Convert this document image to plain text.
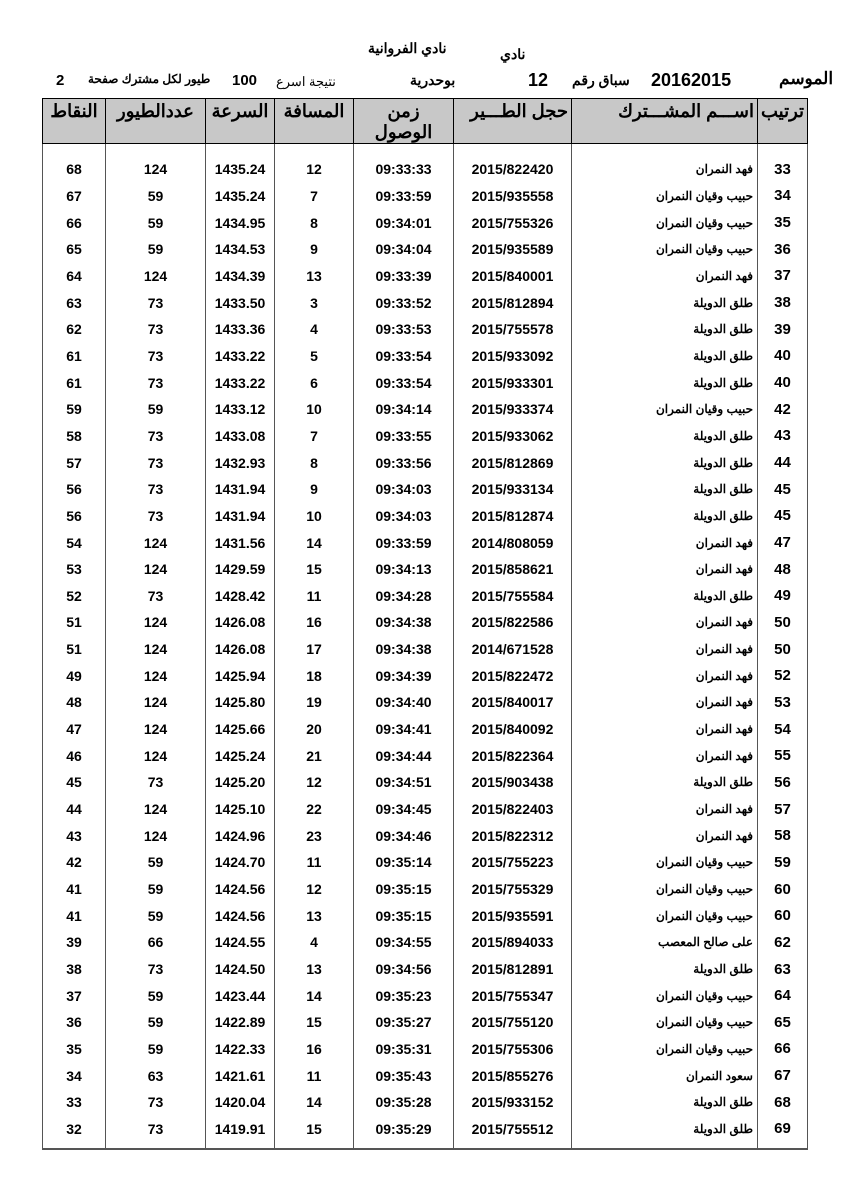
نادي
نادي الفروانية
الموسم
20162015
سباق رقم
12
بوحدرية
نتيجة اسرع
100
طيور لكل مشترك صفحة
2
النقاط	عددالطيور	السرعة	المسافة	زمن الوصول	حجل الطـــير	اســـم المشـــترك	ترتيب
68	124	1435.24	12	09:33:33	2015/822420	فهد النمران	33
67	59	1435.24	7	09:33:59	2015/935558	حبيب وقيان النمران	34
66	59	1434.95	8	09:34:01	2015/755326	حبيب وقيان النمران	35
65	59	1434.53	9	09:34:04	2015/935589	حبيب وقيان النمران	36
64	124	1434.39	13	09:33:39	2015/840001	فهد النمران	37
63	73	1433.50	3	09:33:52	2015/812894	طلق الدويلة	38
62	73	1433.36	4	09:33:53	2015/755578	طلق الدويلة	39
61	73	1433.22	5	09:33:54	2015/933092	طلق الدويلة	40
61	73	1433.22	6	09:33:54	2015/933301	طلق الدويلة	40
59	59	1433.12	10	09:34:14	2015/933374	حبيب وقيان النمران	42
58	73	1433.08	7	09:33:55	2015/933062	طلق الدويلة	43
57	73	1432.93	8	09:33:56	2015/812869	طلق الدويلة	44
56	73	1431.94	9	09:34:03	2015/933134	طلق الدويلة	45
56	73	1431.94	10	09:34:03	2015/812874	طلق الدويلة	45
54	124	1431.56	14	09:33:59	2014/808059	فهد النمران	47
53	124	1429.59	15	09:34:13	2015/858621	فهد النمران	48
52	73	1428.42	11	09:34:28	2015/755584	طلق الدويلة	49
51	124	1426.08	16	09:34:38	2015/822586	فهد النمران	50
51	124	1426.08	17	09:34:38	2014/671528	فهد النمران	50
49	124	1425.94	18	09:34:39	2015/822472	فهد النمران	52
48	124	1425.80	19	09:34:40	2015/840017	فهد النمران	53
47	124	1425.66	20	09:34:41	2015/840092	فهد النمران	54
46	124	1425.24	21	09:34:44	2015/822364	فهد النمران	55
45	73	1425.20	12	09:34:51	2015/903438	طلق الدويلة	56
44	124	1425.10	22	09:34:45	2015/822403	فهد النمران	57
43	124	1424.96	23	09:34:46	2015/822312	فهد النمران	58
42	59	1424.70	11	09:35:14	2015/755223	حبيب وقيان النمران	59
41	59	1424.56	12	09:35:15	2015/755329	حبيب وقيان النمران	60
41	59	1424.56	13	09:35:15	2015/935591	حبيب وقيان النمران	60
39	66	1424.55	4	09:34:55	2015/894033	على صالح المعصب	62
38	73	1424.50	13	09:34:56	2015/812891	طلق الدويلة	63
37	59	1423.44	14	09:35:23	2015/755347	حبيب وقيان النمران	64
36	59	1422.89	15	09:35:27	2015/755120	حبيب وقيان النمران	65
35	59	1422.33	16	09:35:31	2015/755306	حبيب وقيان النمران	66
34	63	1421.61	11	09:35:43	2015/855276	سعود النمران	67
33	73	1420.04	14	09:35:28	2015/933152	طلق الدويلة	68
32	73	1419.91	15	09:35:29	2015/755512	طلق الدويلة	69
